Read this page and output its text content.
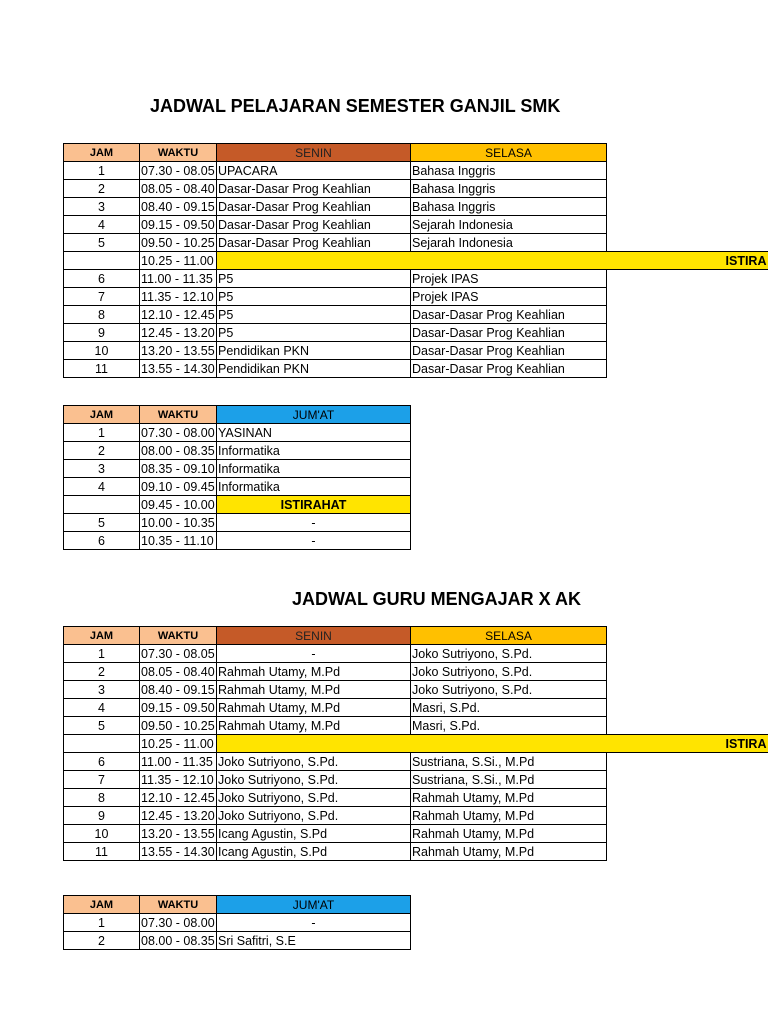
JADWAL PELAJARAN SEMESTER GANJIL SMK
JAM	WAKTU	SENIN	SELASA
1	07.30 - 08.05	UPACARA	Bahasa Inggris
2	08.05 - 08.40	Dasar-Dasar Prog Keahlian	Bahasa Inggris
3	08.40 - 09.15	Dasar-Dasar Prog Keahlian	Bahasa Inggris
4	09.15 - 09.50	Dasar-Dasar Prog Keahlian	Sejarah Indonesia
5	09.50 - 10.25	Dasar-Dasar Prog Keahlian	Sejarah Indonesia
	10.25 - 11.00	ISTIRA	
6	11.00 - 11.35	P5	Projek IPAS
7	11.35 - 12.10	P5	Projek IPAS
8	12.10 - 12.45	P5	Dasar-Dasar Prog Keahlian
9	12.45 - 13.20	P5	Dasar-Dasar Prog Keahlian
10	13.20 - 13.55	Pendidikan PKN	Dasar-Dasar Prog Keahlian
11	13.55 - 14.30	Pendidikan PKN	Dasar-Dasar Prog Keahlian
JAM	WAKTU	JUM'AT
1	07.30 - 08.00	YASINAN
2	08.00 - 08.35	Informatika
3	08.35 - 09.10	Informatika
4	09.10 - 09.45	Informatika
	09.45 - 10.00	ISTIRAHAT
5	10.00 - 10.35	-
6	10.35 - 11.10	-
JADWAL GURU MENGAJAR X AK
JAM	WAKTU	SENIN	SELASA
1	07.30 - 08.05	-	Joko Sutriyono, S.Pd.
2	08.05 - 08.40	Rahmah Utamy, M.Pd	Joko Sutriyono, S.Pd.
3	08.40 - 09.15	Rahmah Utamy, M.Pd	Joko Sutriyono, S.Pd.
4	09.15 - 09.50	Rahmah Utamy, M.Pd	Masri, S.Pd.
5	09.50 - 10.25	Rahmah Utamy, M.Pd	Masri, S.Pd.
	10.25 - 11.00	ISTIRA	
6	11.00 - 11.35	Joko Sutriyono, S.Pd.	Sustriana, S.Si., M.Pd
7	11.35 - 12.10	Joko Sutriyono, S.Pd.	Sustriana, S.Si., M.Pd
8	12.10 - 12.45	Joko Sutriyono, S.Pd.	Rahmah Utamy, M.Pd
9	12.45 - 13.20	Joko Sutriyono, S.Pd.	Rahmah Utamy, M.Pd
10	13.20 - 13.55	Icang Agustin, S.Pd	Rahmah Utamy, M.Pd
11	13.55 - 14.30	Icang Agustin, S.Pd	Rahmah Utamy, M.Pd
JAM	WAKTU	JUM'AT
1	07.30 - 08.00	-
2	08.00 - 08.35	Sri Safitri, S.E
